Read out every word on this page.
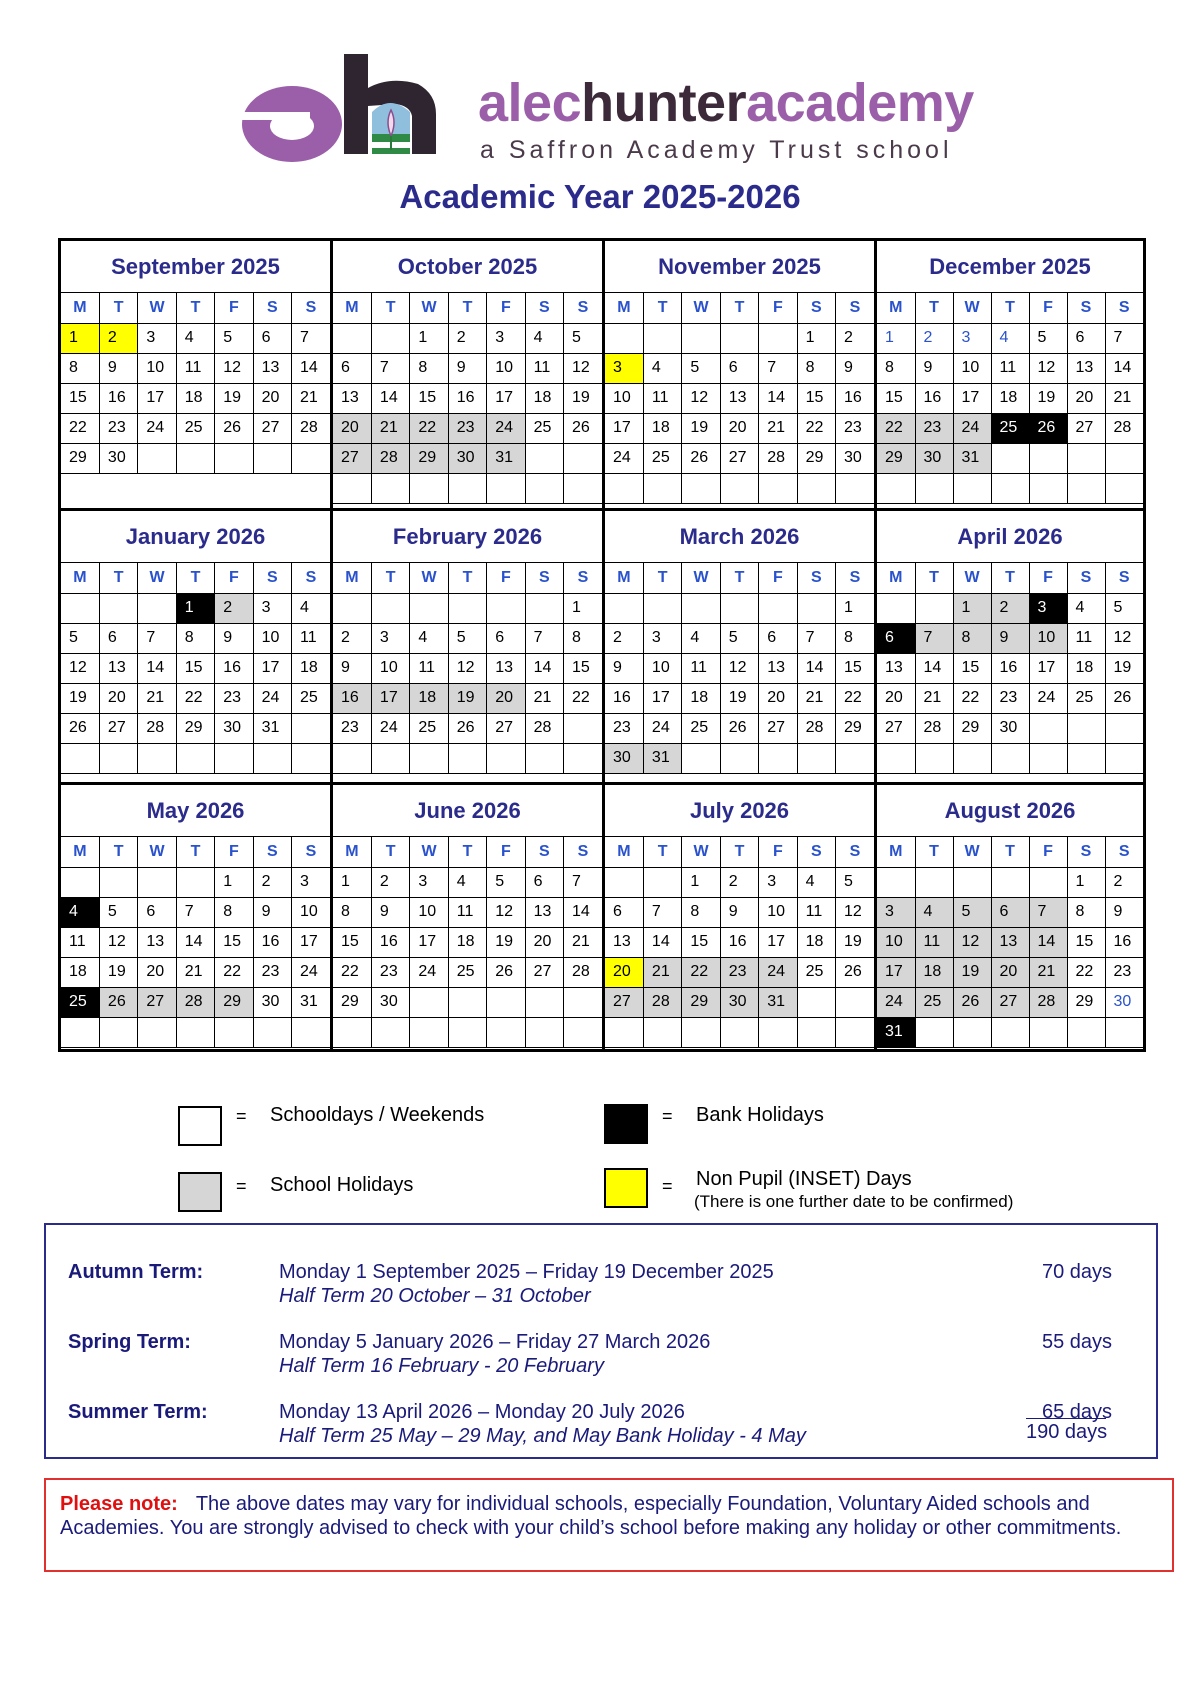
alechunteracademy
a Saffron Academy Trust school
Academic Year 2025-2026
September 2025
M	T	W	T	F	S	S
1	2	3	4	5	6	7
8	9	10	11	12	13	14
15	16	17	18	19	20	21
22	23	24	25	26	27	28
29	30					
October 2025
M	T	W	T	F	S	S
		1	2	3	4	5
6	7	8	9	10	11	12
13	14	15	16	17	18	19
20	21	22	23	24	25	26
27	28	29	30	31		

November 2025
M	T	W	T	F	S	S
					1	2
3	4	5	6	7	8	9
10	11	12	13	14	15	16
17	18	19	20	21	22	23
24	25	26	27	28	29	30

December 2025
M	T	W	T	F	S	S
1	2	3	4	5	6	7
8	9	10	11	12	13	14
15	16	17	18	19	20	21
22	23	24	25	26	27	28
29	30	31				

January 2026
M	T	W	T	F	S	S
			1	2	3	4
5	6	7	8	9	10	11
12	13	14	15	16	17	18
19	20	21	22	23	24	25
26	27	28	29	30	31	

February 2026
M	T	W	T	F	S	S
						1
2	3	4	5	6	7	8
9	10	11	12	13	14	15
16	17	18	19	20	21	22
23	24	25	26	27	28	

March 2026
M	T	W	T	F	S	S
						1
2	3	4	5	6	7	8
9	10	11	12	13	14	15
16	17	18	19	20	21	22
23	24	25	26	27	28	29
30	31					
April 2026
M	T	W	T	F	S	S
		1	2	3	4	5
6	7	8	9	10	11	12
13	14	15	16	17	18	19
20	21	22	23	24	25	26
27	28	29	30			

May 2026
M	T	W	T	F	S	S
				1	2	3
4	5	6	7	8	9	10
11	12	13	14	15	16	17
18	19	20	21	22	23	24
25	26	27	28	29	30	31

June 2026
M	T	W	T	F	S	S
1	2	3	4	5	6	7
8	9	10	11	12	13	14
15	16	17	18	19	20	21
22	23	24	25	26	27	28
29	30					

July 2026
M	T	W	T	F	S	S
		1	2	3	4	5
6	7	8	9	10	11	12
13	14	15	16	17	18	19
20	21	22	23	24	25	26
27	28	29	30	31		

August 2026
M	T	W	T	F	S	S
					1	2
3	4	5	6	7	8	9
10	11	12	13	14	15	16
17	18	19	20	21	22	23
24	25	26	27	28	29	30
31						
= Schooldays / Weekends
= School Holidays
= Bank Holidays
= Non Pupil (INSET) Days
(There is one further date to be confirmed)
Autumn Term:	Monday 1 September 2025 – Friday 19 December 2025
Half Term 20 October – 31 October
70 days
Spring Term:	Monday 5 January 2026 – Friday 27 March 2026
Half Term 16 February - 20 February
55 days
Summer Term:	Monday 13 April 2026 – Monday 20 July 2026
Half Term 25 May – 29 May, and May Bank Holiday - 4 May
65 days
190 days
Please note: The above dates may vary for individual schools, especially Foundation, Voluntary Aided schools and Academies. You are strongly advised to check with your child’s school before making any holiday or other commitments.
